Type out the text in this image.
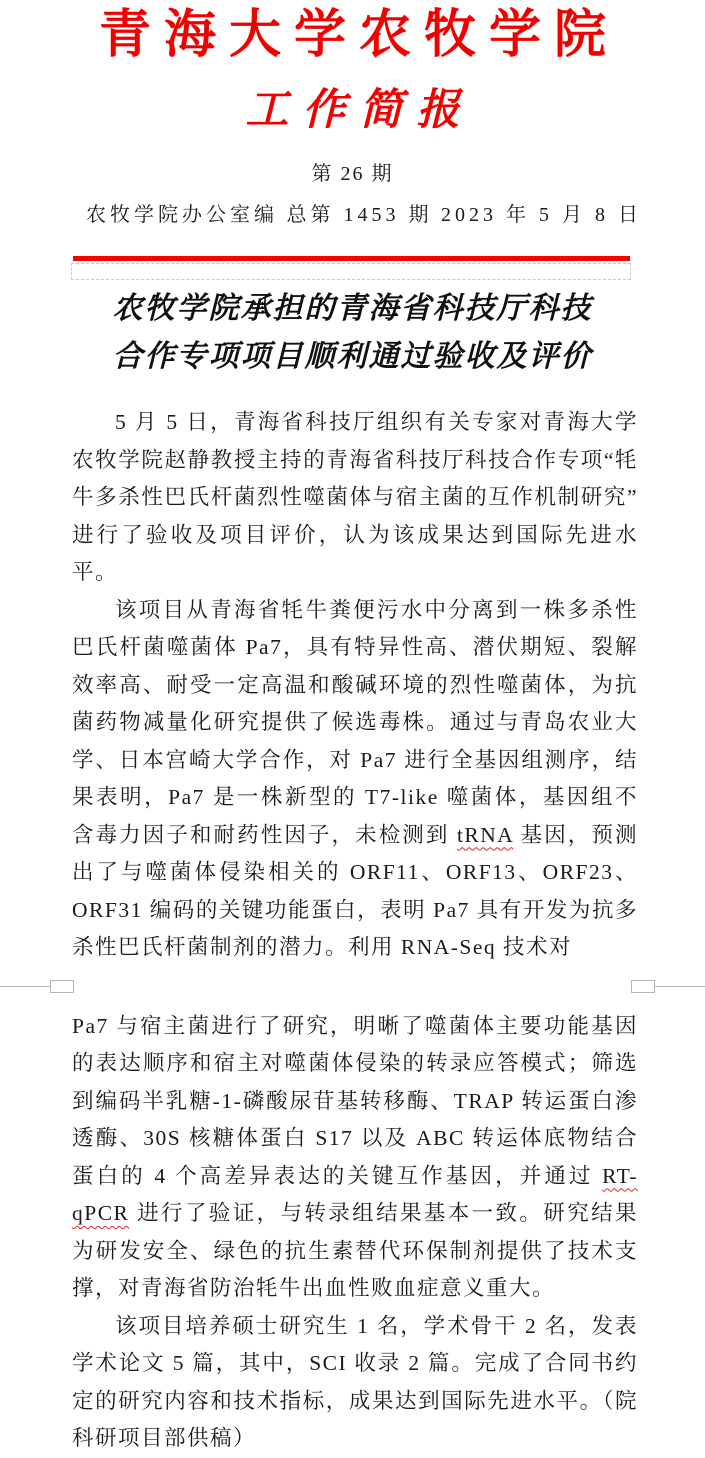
青海大学农牧学院
工作简报
第 26 期
农牧学院办公室编 总第 1453 期 2023 年 5 月 8 日
农牧学院承担的青海省科技厅科技
合作专项项目顺利通过验收及评价

5 月 5 日，青海省科技厅组织有关专家对青海大学农牧学院赵静教授主持的青海省科技厅科技合作专项“牦牛多杀性巴氏杆菌烈性噬菌体与宿主菌的互作机制研究”进行了验收及项目评价，认为该成果达到国际先进水平。

该项目从青海省牦牛粪便污水中分离到一株多杀性巴氏杆菌噬菌体 Pa7，具有特异性高、潜伏期短、裂解效率高、耐受一定高温和酸碱环境的烈性噬菌体，为抗菌药物减量化研究提供了候选毒株。通过与青岛农业大学、日本宫崎大学合作，对 Pa7 进行全基因组测序，结果表明，Pa7 是一株新型的 T7-like 噬菌体，基因组不含毒力因子和耐药性因子，未检测到 tRNA 基因，预测出了与噬菌体侵染相关的 ORF11、ORF13、ORF23、ORF31 编码的关键功能蛋白，表明 Pa7 具有开发为抗多杀性巴氏杆菌制剂的潜力。利用 RNA-Seq 技术对

Pa7 与宿主菌进行了研究，明晰了噬菌体主要功能基因的表达顺序和宿主对噬菌体侵染的转录应答模式；筛选到编码半乳糖-1-磷酸尿苷基转移酶、TRAP 转运蛋白渗透酶、30S 核糖体蛋白 S17 以及 ABC 转运体底物结合蛋白的 4 个高差异表达的关键互作基因，并通过 RT-qPCR 进行了验证，与转录组结果基本一致。研究结果为研发安全、绿色的抗生素替代环保制剂提供了技术支撑，对青海省防治牦牛出血性败血症意义重大。

该项目培养硕士研究生 1 名，学术骨干 2 名，发表学术论文 5 篇，其中，SCI 收录 2 篇。完成了合同书约定的研究内容和技术指标，成果达到国际先进水平。（院科研项目部供稿）
